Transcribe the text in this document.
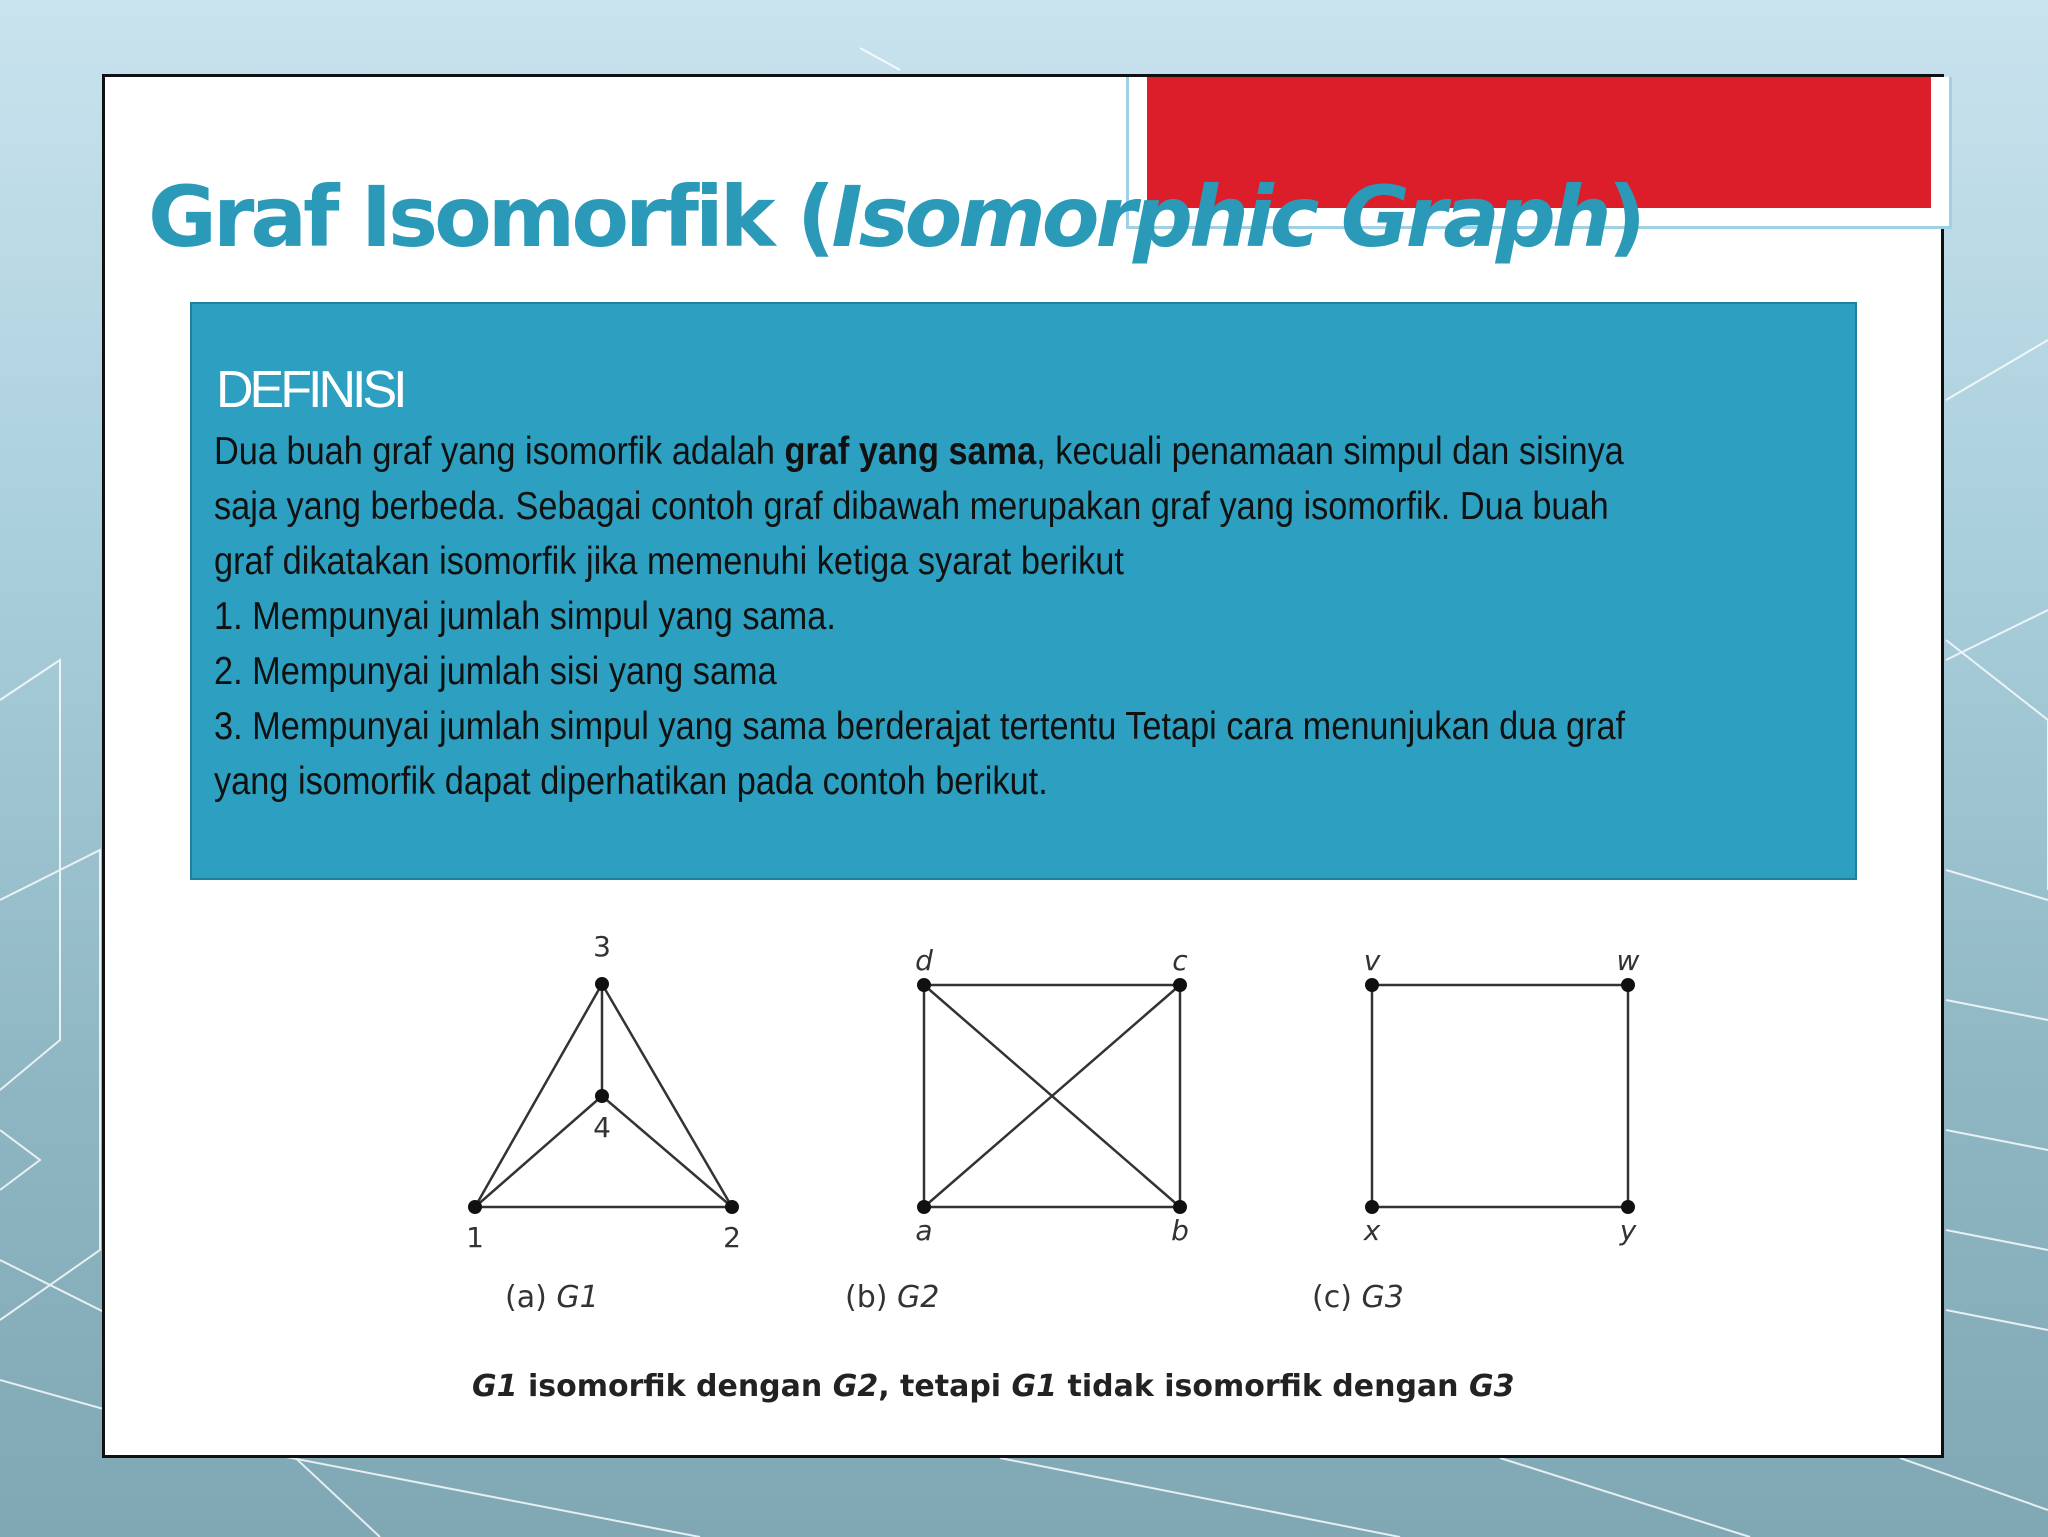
Graf Isomorfik (Isomorphic Graph)
DEFINISI

Dua buah graf yang isomorfik adalah graf yang sama, kecuali penamaan simpul dan sisinya

saja yang berbeda. Sebagai contoh graf dibawah merupakan graf yang isomorfik. Dua buah

graf dikatakan isomorfik jika memenuhi ketiga syarat berikut

1. Mempunyai jumlah simpul yang sama.

2. Mempunyai jumlah sisi yang sama

3. Mempunyai jumlah simpul yang sama berderajat tertentu Tetapi cara menunjukan dua graf

yang isomorfik dapat diperhatikan pada contoh berikut.

3
4
1	2
(a) G1
d	c
a	b
(b) G2
v	w
x	y
(c) G3
G1 isomorfik dengan G2, tetapi G1 tidak isomorfik dengan G3
